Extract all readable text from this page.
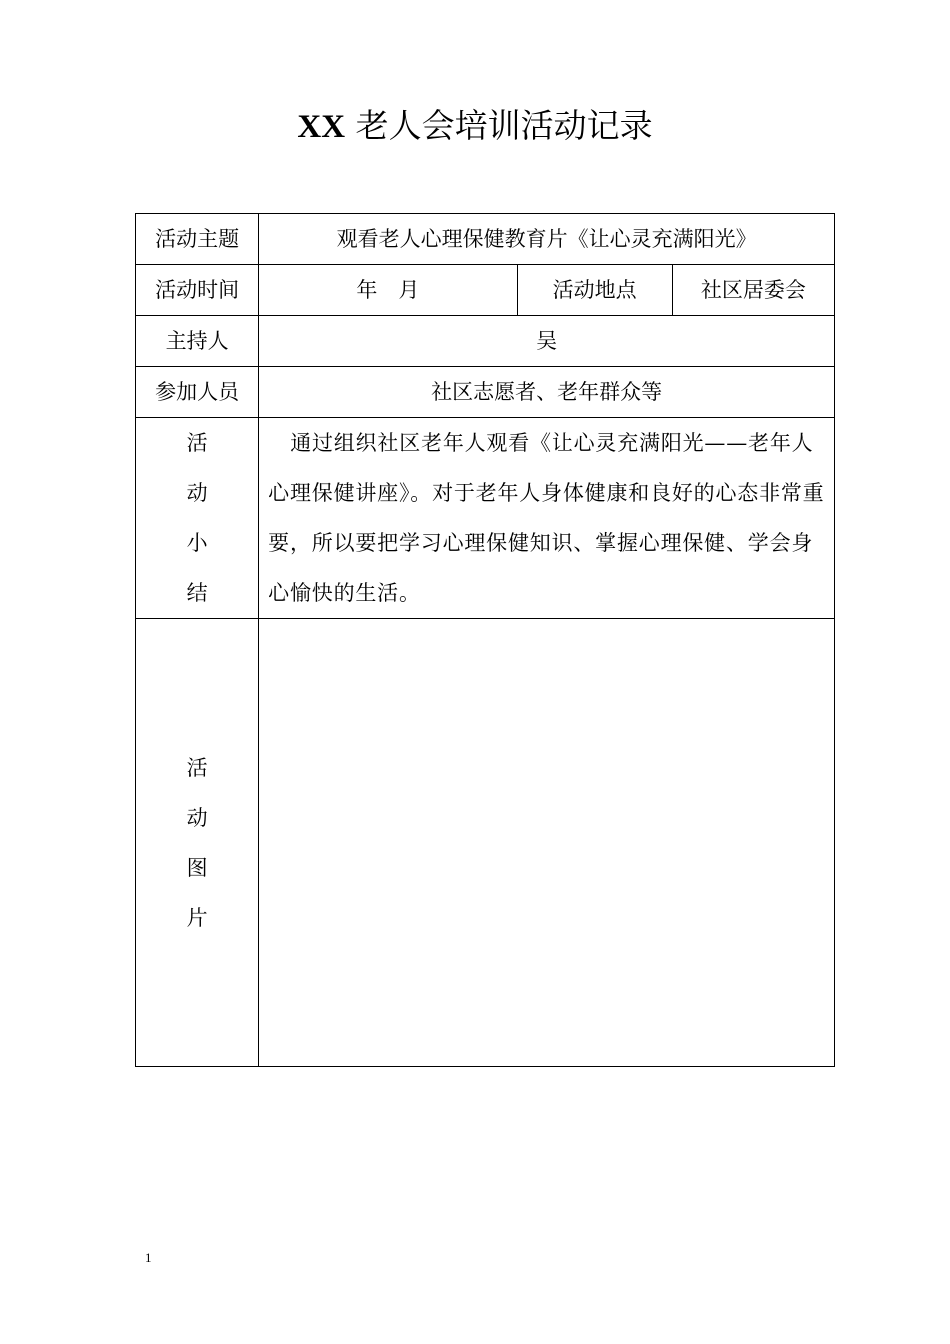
XX 老人会培训活动记录
活动主题	观看老人心理保健教育片《让心灵充满阳光》		
活动时间	年　月	活动地点	社区居委会
主持人	吴		
参加人员	社区志愿者、老年群众等		
活动小结	通过组织社区老年人观看《让心灵充满阳光——老年人心理保健讲座》。对于老年人身体健康和良好的心态非常重要，所以要把学习心理保健知识、掌握心理保健、学会身心愉快的生活。		

活动图片			
1
